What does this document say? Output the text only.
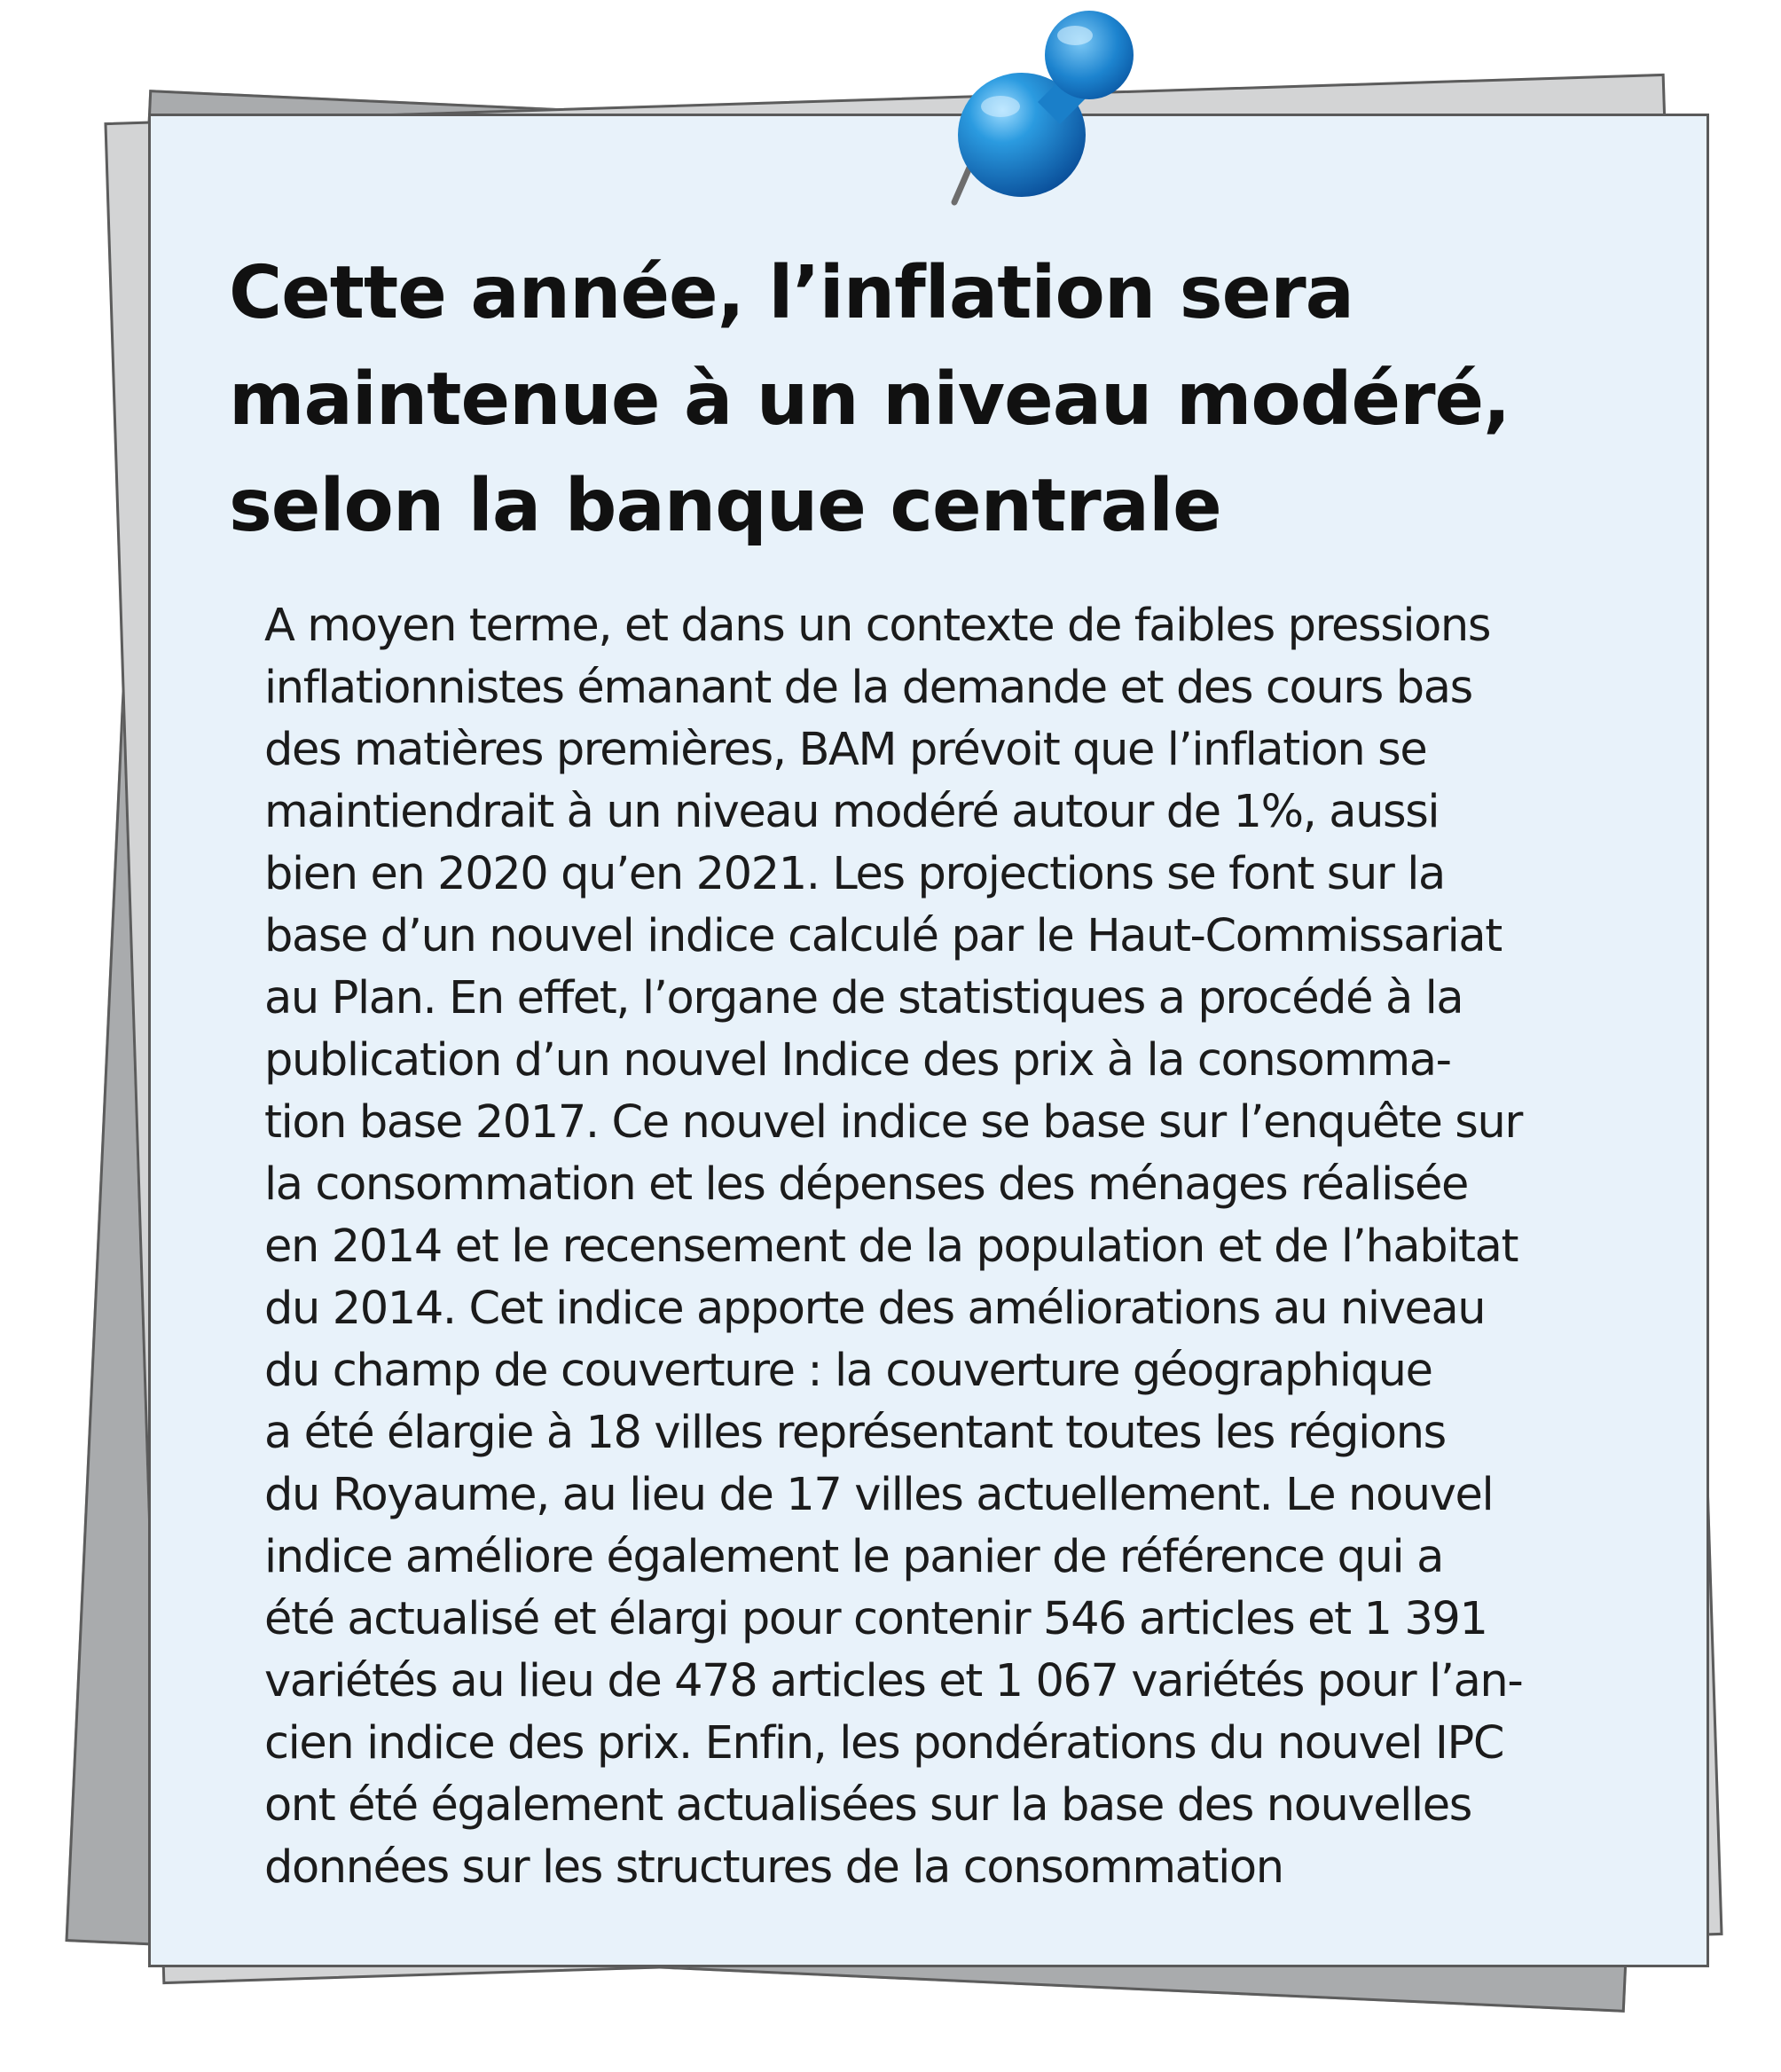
Cette année, l’inflation sera maintenue à un niveau modéré, selon la banque centrale

A moyen terme, et dans un contexte de faibles pressions
inflationnistes émanant de la demande et des cours bas
des matières premières, BAM prévoit que l’inflation se
maintiendrait à un niveau modéré autour de 1%, aussi
bien en 2020 qu’en 2021. Les projections se font sur la
base d’un nouvel indice calculé par le Haut-Commissariat
au Plan. En effet, l’organe de statistiques a procédé à la
publication d’un nouvel Indice des prix à la consomma-
tion base 2017. Ce nouvel indice se base sur l’enquête sur
la consommation et les dépenses des ménages réalisée
en 2014 et le recensement de la population et de l’habitat
du 2014. Cet indice apporte des améliorations au niveau
du champ de couverture : la couverture géographique
a été élargie à 18 villes représentant toutes les régions
du Royaume, au lieu de 17 villes actuellement. Le nouvel
indice améliore également le panier de référence qui a
été actualisé et élargi pour contenir 546 articles et 1 391
variétés au lieu de 478 articles et 1 067 variétés pour l’an-
cien indice des prix. Enfin, les pondérations du nouvel IPC
ont été également actualisées sur la base des nouvelles
données sur les structures de la consommation
